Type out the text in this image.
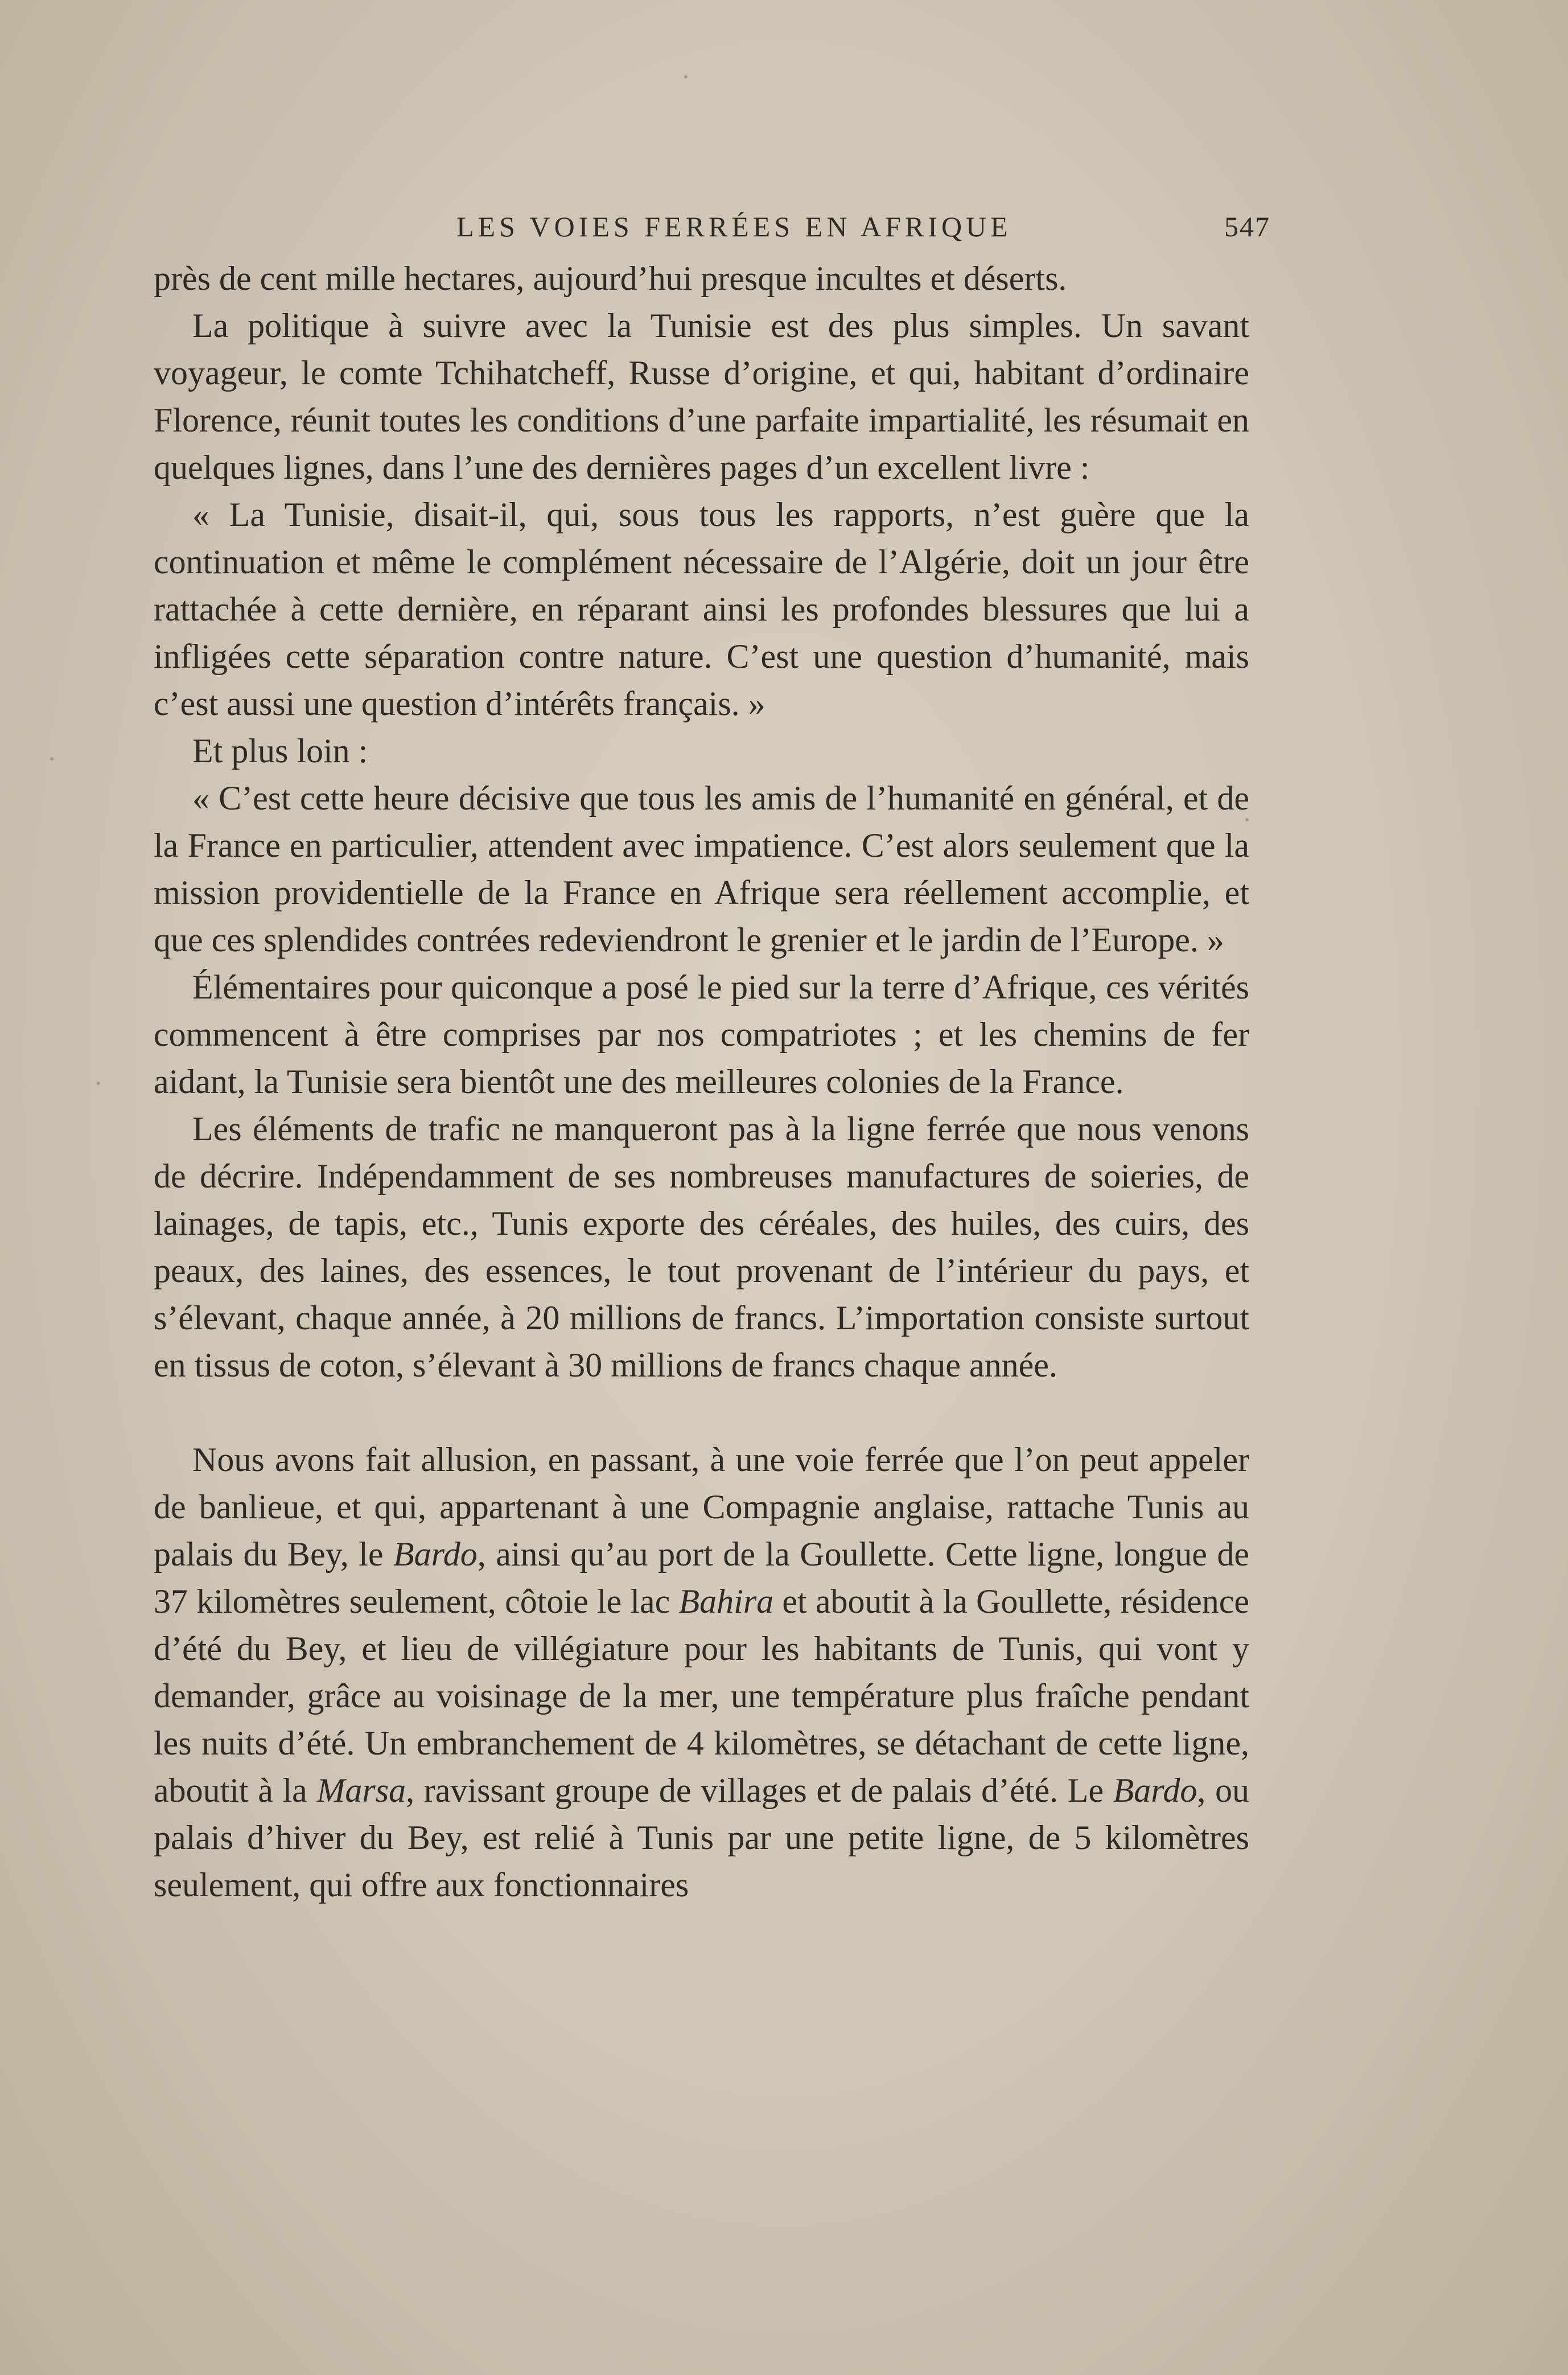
LES VOIES FERRÉES EN AFRIQUE	547

près de cent mille hectares, aujourd’hui presque incultes et déserts.

La politique à suivre avec la Tunisie est des plus simples. Un savant voyageur, le comte Tchihatcheff, Russe d’origine, et qui, habitant d’ordinaire Florence, réunit toutes les conditions d’une parfaite impartialité, les résumait en quelques lignes, dans l’une des dernières pages d’un excellent livre :

« La Tunisie, disait-il, qui, sous tous les rapports, n’est guère que la continuation et même le complément nécessaire de l’Algérie, doit un jour être rattachée à cette dernière, en réparant ainsi les profondes blessures que lui a infligées cette séparation contre nature. C’est une question d’humanité, mais c’est aussi une question d’intérêts français. »

Et plus loin :

« C’est cette heure décisive que tous les amis de l’humanité en général, et de la France en particulier, attendent avec impatience. C’est alors seulement que la mission providentielle de la France en Afrique sera réellement accomplie, et que ces splendides contrées redeviendront le grenier et le jardin de l’Europe. »

Élémentaires pour quiconque a posé le pied sur la terre d’Afrique, ces vérités commencent à être comprises par nos compatriotes ; et les chemins de fer aidant, la Tunisie sera bientôt une des meilleures colonies de la France.

Les éléments de trafic ne manqueront pas à la ligne ferrée que nous venons de décrire. Indépendamment de ses nombreuses manufactures de soieries, de lainages, de tapis, etc., Tunis exporte des céréales, des huiles, des cuirs, des peaux, des laines, des essences, le tout provenant de l’intérieur du pays, et s’élevant, chaque année, à 20 millions de francs. L’importation consiste surtout en tissus de coton, s’élevant à 30 millions de francs chaque année.

Nous avons fait allusion, en passant, à une voie ferrée que l’on peut appeler de banlieue, et qui, appartenant à une Compagnie anglaise, rattache Tunis au palais du Bey, le Bardo, ainsi qu’au port de la Goullette. Cette ligne, longue de 37 kilomètres seulement, côtoie le lac Bahira et aboutit à la Goullette, résidence d’été du Bey, et lieu de villégiature pour les habitants de Tunis, qui vont y demander, grâce au voisinage de la mer, une température plus fraîche pendant les nuits d’été. Un embranchement de 4 kilomètres, se détachant de cette ligne, aboutit à la Marsa, ravissant groupe de villages et de palais d’été. Le Bardo, ou palais d’hiver du Bey, est relié à Tunis par une petite ligne, de 5 kilomètres seulement, qui offre aux fonctionnaires
